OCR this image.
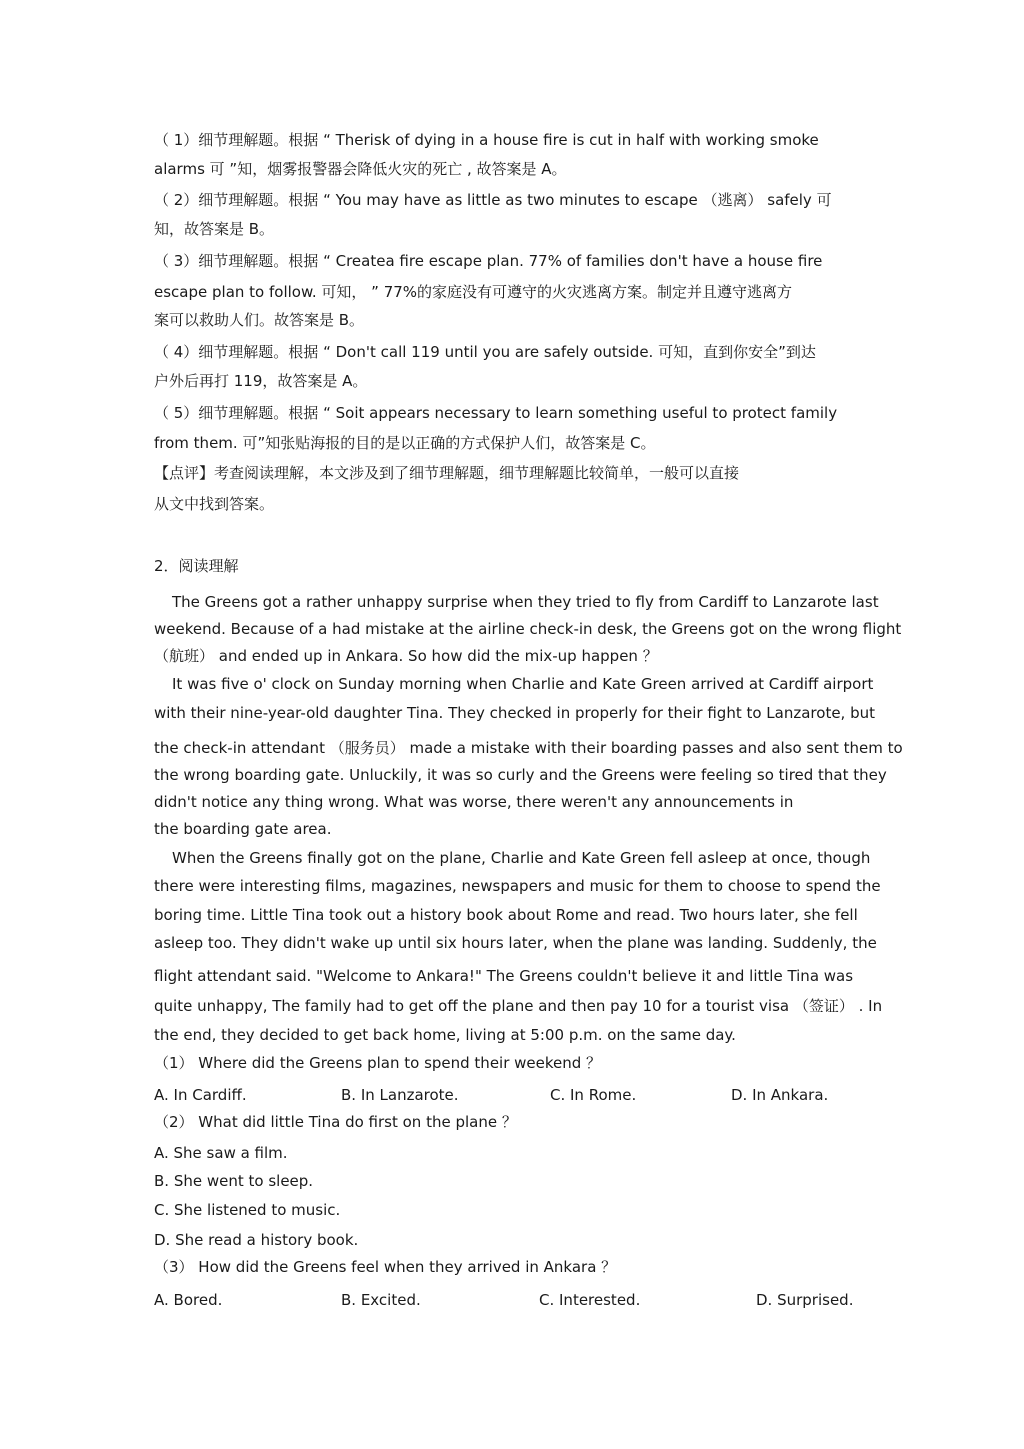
（ 1）细节理解题。根据 “ Therisk of dying in a house fire is cut in half with working smoke
alarms 可 ”知，烟雾报警器会降低火灾的死亡 , 故答案是 A。
（ 2）细节理解题。根据 “ You may have as little as two minutes to escape （逃离） safely 可
知，故答案是 B。
（ 3）细节理解题。根据 “ Createa fire escape plan. 77% of families don't have a house fire
escape plan to follow. 可知， ” 77%的家庭没有可遵守的火灾逃离方案。制定并且遵守逃离方
案可以救助人们。故答案是 B。
（ 4）细节理解题。根据 “ Don't call 119 until you are safely outside. 可知，直到你安全”到达
户外后再打 119，故答案是 A。
（ 5）细节理解题。根据 “ Soit appears necessary to learn something useful to protect family
from them. 可”知张贴海报的目的是以正确的方式保护人们，故答案是 C。
【点评】考查阅读理解，本文涉及到了细节理解题，细节理解题比较简单，一般可以直接
从文中找到答案。
2．阅读理解
The Greens got a rather unhappy surprise when they tried to fly from Cardiff to Lanzarote last
weekend. Because of a had mistake at the airline check-in desk, the Greens got on the wrong flight
（航班） and ended up in Ankara. So how did the mix-up happen ？
It was five o' clock on Sunday morning when Charlie and Kate Green arrived at Cardiff airport
with their nine-year-old daughter Tina. They checked in properly for their fight to Lanzarote, but
the check-in attendant （服务员） made a mistake with their boarding passes and also sent them to
the wrong boarding gate. Unluckily, it was so curly and the Greens were feeling so tired that they
didn't notice any thing wrong. What was worse, there weren't any announcements in
the boarding gate area.
When the Greens finally got on the plane, Charlie and Kate Green fell asleep at once, though
there were interesting films, magazines, newspapers and music for them to choose to spend the
boring time. Little Tina took out a history book about Rome and read. Two hours later, she fell
asleep too. They didn't wake up until six hours later, when the plane was landing. Suddenly, the
flight attendant said. "Welcome to Ankara!" The Greens couldn't believe it and little Tina was
quite unhappy, The family had to get off the plane and then pay 10 for a tourist visa （签证） . In
the end, they decided to get back home, living at 5:00 p.m. on the same day.
（1） Where did the Greens plan to spend their weekend ？
A. In Cardiff.	B. In Lanzarote.	C. In Rome.	D. In Ankara.
（2） What did little Tina do first on the plane ？
A. She saw a film.
B. She went to sleep.
C. She listened to music.
D. She read a history book.
（3） How did the Greens feel when they arrived in Ankara ？
A. Bored.	B. Excited.	C. Interested.	D. Surprised.
